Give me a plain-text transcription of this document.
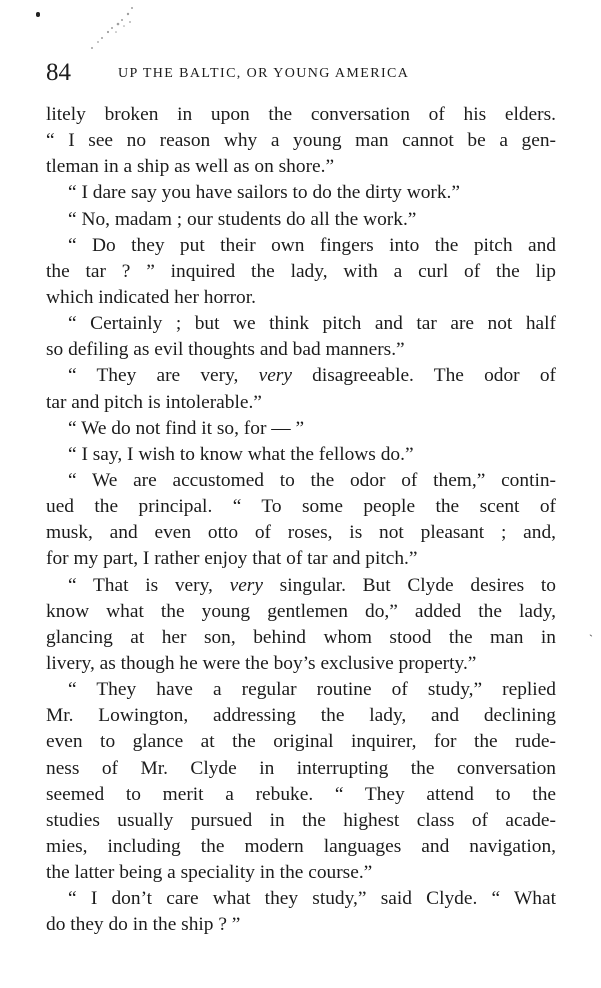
84	UP THE BALTIC, OR YOUNG AMERICA
litely broken in upon the conversation of his elders.
“ I see no reason why a young man cannot be a gen-
tleman in a ship as well as on shore.”
“ I dare say you have sailors to do the dirty work.”
“ No, madam ; our students do all the work.”
“ Do they put their own fingers into the pitch and
the tar ? ” inquired the lady, with a curl of the lip
which indicated her horror.
“ Certainly ; but we think pitch and tar are not half
so defiling as evil thoughts and bad manners.”
“ They are very, very disagreeable. The odor of
tar and pitch is intolerable.”
“ We do not find it so, for — ”
“ I say, I wish to know what the fellows do.”
“ We are accustomed to the odor of them,” contin-
ued the principal. “ To some people the scent of
musk, and even otto of roses, is not pleasant ; and,
for my part, I rather enjoy that of tar and pitch.”
“ That is very, very singular. But Clyde desires to
know what the young gentlemen do,” added the lady,
glancing at her son, behind whom stood the man in
livery, as though he were the boy’s exclusive property.”
“ They have a regular routine of study,” replied
Mr. Lowington, addressing the lady, and declining
even to glance at the original inquirer, for the rude-
ness of Mr. Clyde in interrupting the conversation
seemed to merit a rebuke. “ They attend to the
studies usually pursued in the highest class of acade-
mies, including the modern languages and navigation,
the latter being a speciality in the course.”
“ I don’t care what they study,” said Clyde. “ What
do they do in the ship ? ”
ˋ
